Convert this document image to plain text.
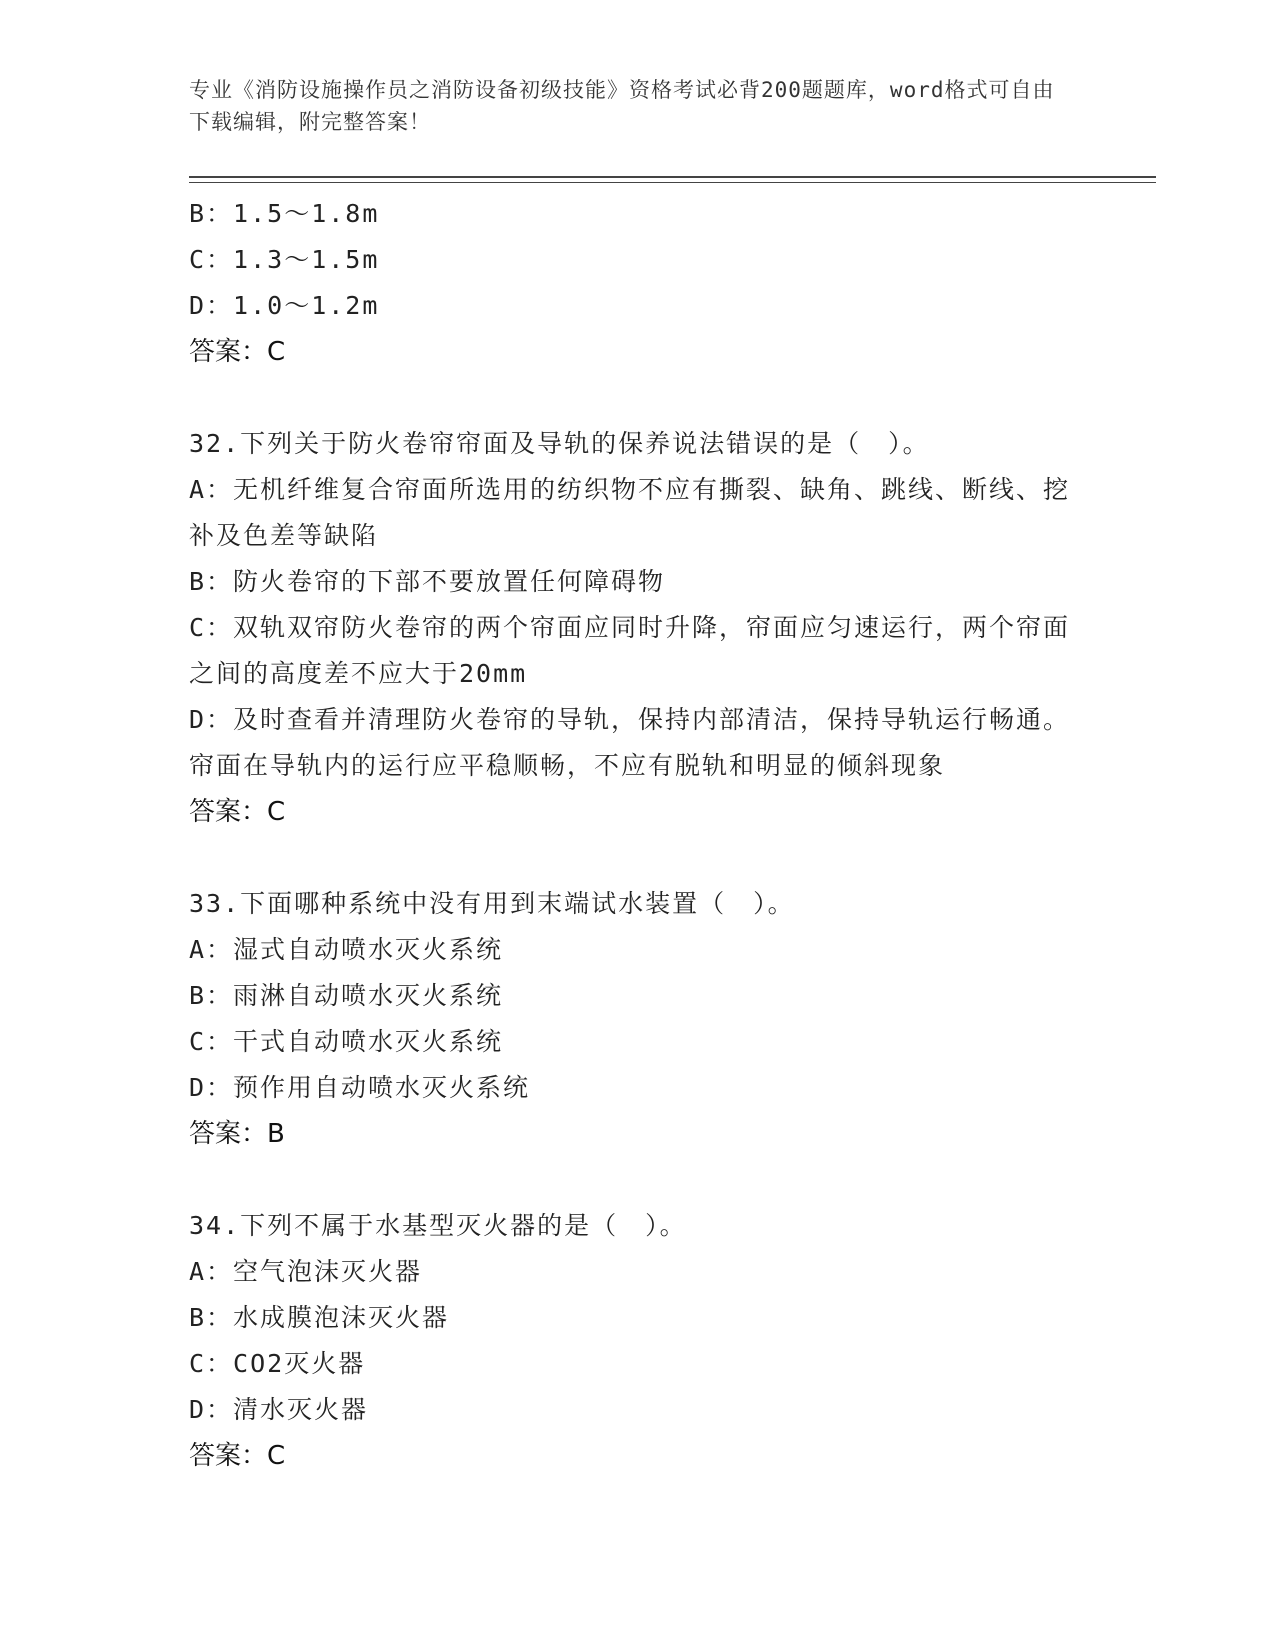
专业《消防设施操作员之消防设备初级技能》资格考试必背200题题库，word格式可自由下载编辑，附完整答案！
B：1.5～1.8m
C：1.3～1.5m
D：1.0～1.2m
答案：C
32.下列关于防火卷帘帘面及导轨的保养说法错误的是（　）。
A：无机纤维复合帘面所选用的纺织物不应有撕裂、缺角、跳线、断线、挖补及色差等缺陷
B：防火卷帘的下部不要放置任何障碍物
C：双轨双帘防火卷帘的两个帘面应同时升降，帘面应匀速运行，两个帘面之间的高度差不应大于20mm
D：及时查看并清理防火卷帘的导轨，保持内部清洁，保持导轨运行畅通。帘面在导轨内的运行应平稳顺畅，不应有脱轨和明显的倾斜现象
答案：C
33.下面哪种系统中没有用到末端试水装置（　）。
A：湿式自动喷水灭火系统
B：雨淋自动喷水灭火系统
C：干式自动喷水灭火系统
D：预作用自动喷水灭火系统
答案：B
34.下列不属于水基型灭火器的是（　）。
A：空气泡沫灭火器
B：水成膜泡沫灭火器
C：CO2灭火器
D：清水灭火器
答案：C
